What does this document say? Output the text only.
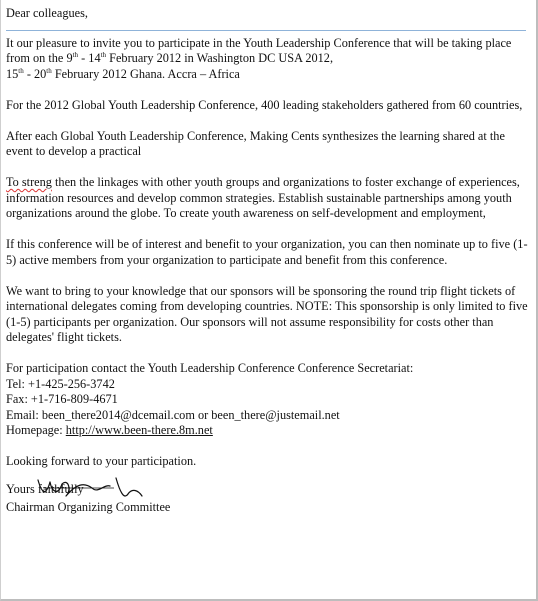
Dear colleagues,

It our pleasure to invite you to participate in the Youth Leadership Conference that will be taking place from on the 9th - 14th February 2012 in Washington DC USA 2012,
15th - 20th February 2012 Ghana. Accra – Africa

For the 2012 Global Youth Leadership Conference, 400 leading stakeholders gathered from 60 countries,

After each Global Youth Leadership Conference, Making Cents synthesizes the learning shared at the event to develop a practical

To streng then the linkages with other youth groups and organizations to foster exchange of experiences, information resources and develop common strategies. Establish sustainable partnerships among youth organizations around the globe. To create youth awareness on self-development and employment,

If this conference will be of interest and benefit to your organization, you can then nominate up to five (1-5) active members from your organization to participate and benefit from this conference.

We want to bring to your knowledge that our sponsors will be sponsoring the round trip flight tickets of international delegates coming from developing countries. NOTE: This sponsorship is only limited to five (1-5) participants per organization. Our sponsors will not assume responsibility for costs other than delegates' flight tickets.

For participation contact the Youth Leadership Conference Conference Secretariat:
Tel: +1-425-256-3742
Fax: +1-716-809-4671
Email: been_there2014@dcemail.com or been_there@justemail.net
Homepage: http://www.been-there.8m.net

Looking forward to your participation.

Yours faithfully

Chairman Organizing Committee
